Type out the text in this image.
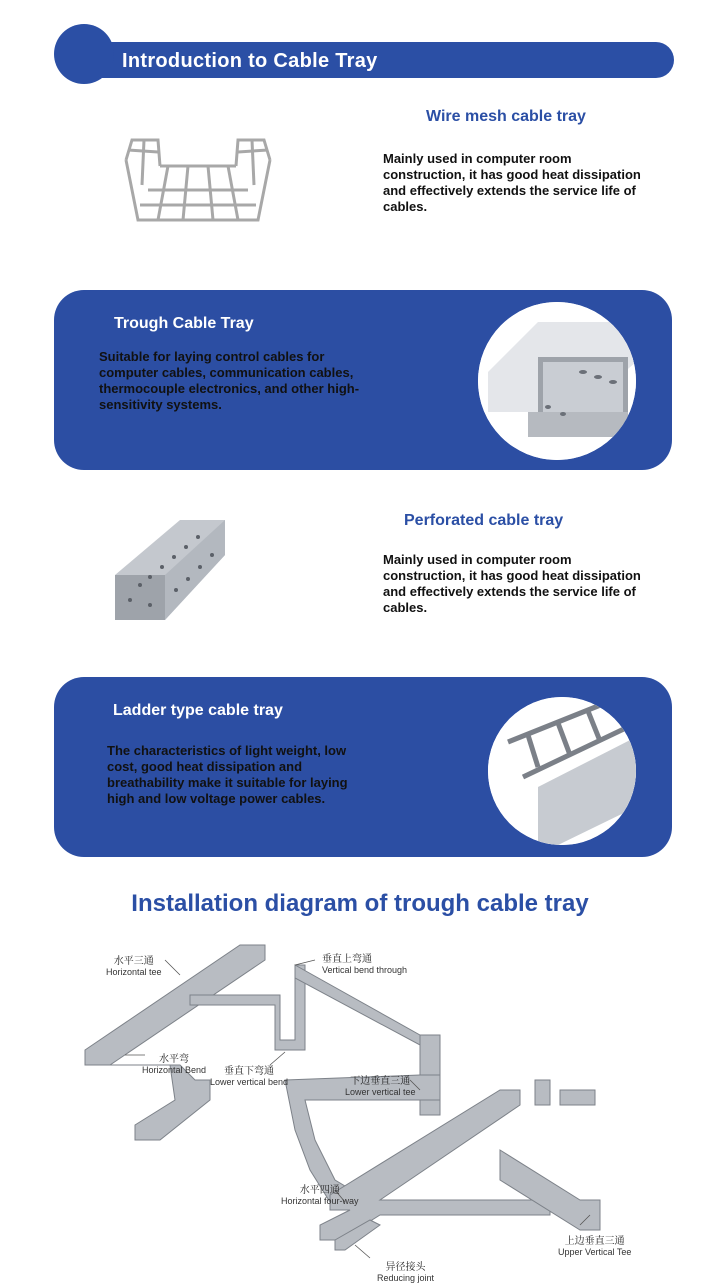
Introduction to Cable Tray
Wire mesh cable tray
Mainly used in computer room construction, it has good heat dissipation and effectively extends the service life of cables.
Trough Cable Tray
Suitable for laying control cables for computer cables, communication cables, thermocouple electronics, and other high-sensitivity systems.
Perforated cable tray
Mainly used in computer room construction, it has good heat dissipation and effectively extends the service life of cables.
Ladder type cable tray
The characteristics of light weight, low cost, good heat dissipation and breathability make it suitable for laying high and low voltage power cables.
Installation diagram of trough cable tray
水平三通
Horizontal tee
垂直上弯通
Vertical bend through
水平弯
Horizontal Bend	垂直下弯通
Lower vertical bend	下边垂直三通
Lower vertical tee
水平四通
Horizontal four-way
上边垂直三通
Upper Vertical Tee
异径接头
Reducing joint
